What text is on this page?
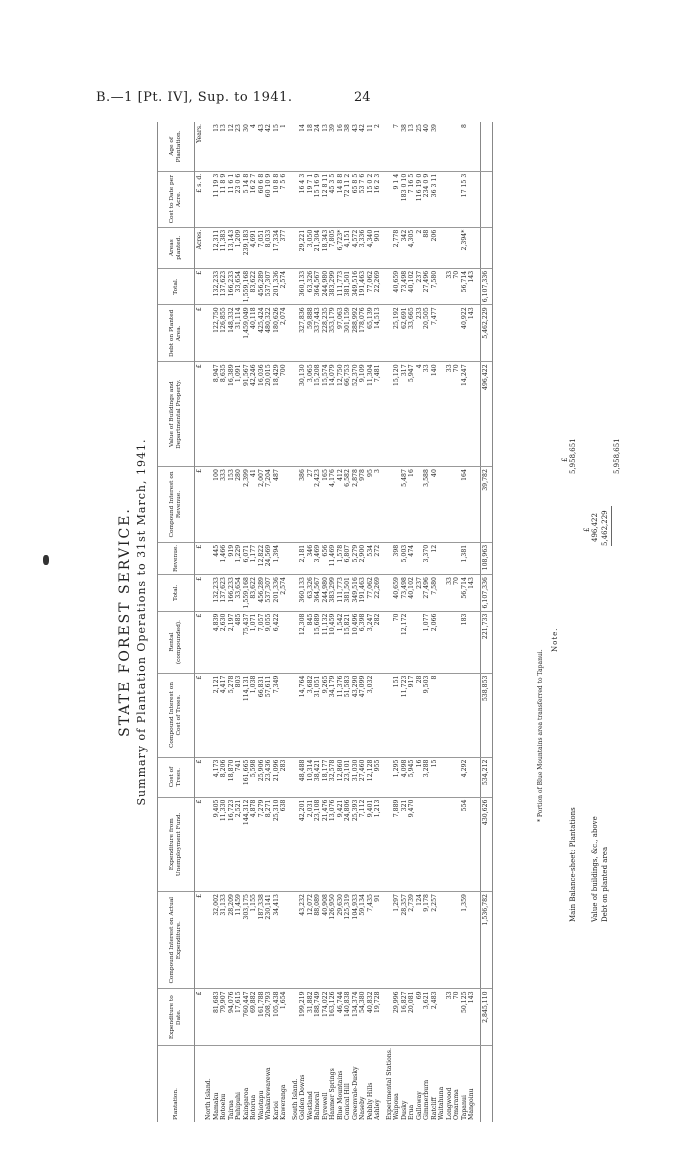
B.—1 [Pt. IV], Sup. to 1941.	24
STATE FOREST SERVICE. Summary of Plantation Operations to 31st March, 1941.
Plantation.	Expenditure to Date.	Compound Interest on Actual Expenditure.	Expenditure from Unemployment Fund.	Cost of Trees.	Compound Interest on Cost of Trees.	Rental (compounded).	Total.	Revenue.	Compound Interest on Revenue.	Value of Buildings and Departmental Property.	Debt on Planted Area.	Total.	Areas planted.	Cost to Date per Acre.	Age of Plantation.
	£	£	£	£	£	£	£	£	£	£	£	£	Acres.	£ s. d.	Years.
North Island.															
Mamaku	81,683	32,002	9,405	4,173	2,121	4,839	132,233	445	100	8,947	122,750	132,233	12,311	11 19 3	13
Rotoehu	79,907	31,133	11,330	8,206	4,417	2,630	137,623	1,466	333	8,635	126,855	137,623	11,383	11 8 9	13
Tairua	94,076	28,209	16,723	18,870	5,278	2,197	166,233	919	153	16,389	148,332	166,233	13,143	11 6 1	12
Puhipuhi	17,615	11,459	2,521	741	803	485	33,654	1,229	280	1,091	31,114	33,654	1,209	23 0 6	23
Kaingaroa	760,447	303,175	144,312	161,665	114,131	75,437	1,559,168	6,071	2,399	91,567	1,459,049	1,559,168	239,183	5 14 8	30
Rotorua	69,882	1,155	4,878	5,598	1,038	1,071	83,622	1,177	41	42,246	40,118	83,622	4,691	16 2 7	4
Waiotapu	161,788	187,338	7,279	25,906	66,831	7,057	456,289	12,822	2,007	16,036	425,424	456,289	7,051	60 6 8	43
Whakarewarewa	208,793	230,141	8,271	23,436	57,611	9,055	537,307	24,569	7,204	20,015	480,322	537,307	8,033	60 10 9	42
Karioi	105,438	34,413	25,310	21,096	7,349	6,422	201,336	1,394	487	18,429	180,626	201,336	17,334	10 8 8	15
Kaweranga	1,654		638	283			2,574			700	2,074	2,574	377	7 5 6	1

South Island.															
Golden Downs	199,219	43,232	42,201	48,488	14,764	12,308	360,133	2,181	386	30,130	327,836	360,133	29,221	16 4 3	14
Westland	31,882	12,072	2,031	10,314	3,682	845	63,326	346	27	3,065	59,888	63,326	3,050	19 7 1	18
Balmoral	188,749	88,089	23,108	38,421	31,051	15,689	364,567	3,469	2,423	15,208	337,443	364,567	21,304	15 16 9	24
Eyrewell	174,022	40,908	21,476	18,177	9,265	11,132	244,980	656	165	15,574	228,235	244,980	18,343	12 8 11	13
Hanmer Springs	163,126	126,950	13,076	32,578	34,179	10,459	383,299	11,469	4,176	14,079	353,179	383,299	7,805	45 3 5	39
Blue Mountains	46,744	29,630	9,421	12,860	11,376	1,542	111,773	1,578	412	12,750	97,063	111,773	6,723*	14 8 8	16
Conical Hill	140,838	125,319	24,806	23,101	51,583	15,821	381,501	6,807	6,582	66,753	301,159	381,501	4,151	72 11 2	38
Greenvale-Dusky	134,374	104,933	25,393	31,030	43,290	10,496	349,516	5,279	2,878	52,370	288,992	349,516	4,572	65 8 5	43
Naseby	54,380	59,134	7,112	27,460	47,099	6,398	191,463	2,900	978	9,109	178,076	191,463	3,336	53 7 6	42
Pebbly Hills	40,832	7,435	9,401	12,128	3,032	3,247	77,062	534	95	11,304	65,139	77,062	4,340	15 0 2	11
Ashley	19,728	91	1,213	955		282	22,269	272	3	7,481	14,513	22,269	901	16 2 3	2

Experimental Stations.															
Waipoua	29,996	1,297	7,889	1,295	151	70	40,659	398		15,120	25,192	40,659	2,778	9 1 4	7
Dusky	16,827	28,357	321	4,098	11,723	12,172	73,498	5,003	5,487	317	62,691	73,498	342	183 0 10	38
Erua	20,081	2,739	9,470	5,945	917		40,102	474	16	5,947	33,665	40,102	4,305	7 16 5	13
Galloway	69	124		16	28		237			4	233	237	2	116 19 0	25
Gimmerburn	3,621	9,178		3,288	9,503	1,077	27,496	3,370	3,588	33	20,505	27,496	88	234 0 9	40
Ratcliff	2,483	2,257		15	8	2,066	7,580	12	40	140	7,477	7,580	206	36 3 11	39
Waitahuna															
Longwood	33						33			33		33			
Omarama	70						70			70		70			
Tapanui	50,125	1,359	554	4,292		183	56,714	1,381	164	14,247	40,922	56,714	2,394*	17 15 3	8
Mangoinu	143						143				143	143			

	2,845,110	1,536,782	430,626	534,212	538,853	221,733	6,107,336	108,963	39,782	496,422	5,462,229	6,107,336			
* Portion of Blue Mountains area transferred to Tapanui.
Note.
Main Balance-sheet: Plantations
£ 5,958,651
Value of buildings, &c., above Debt on planted area
£ 496,422 5,462,229
5,958,651
